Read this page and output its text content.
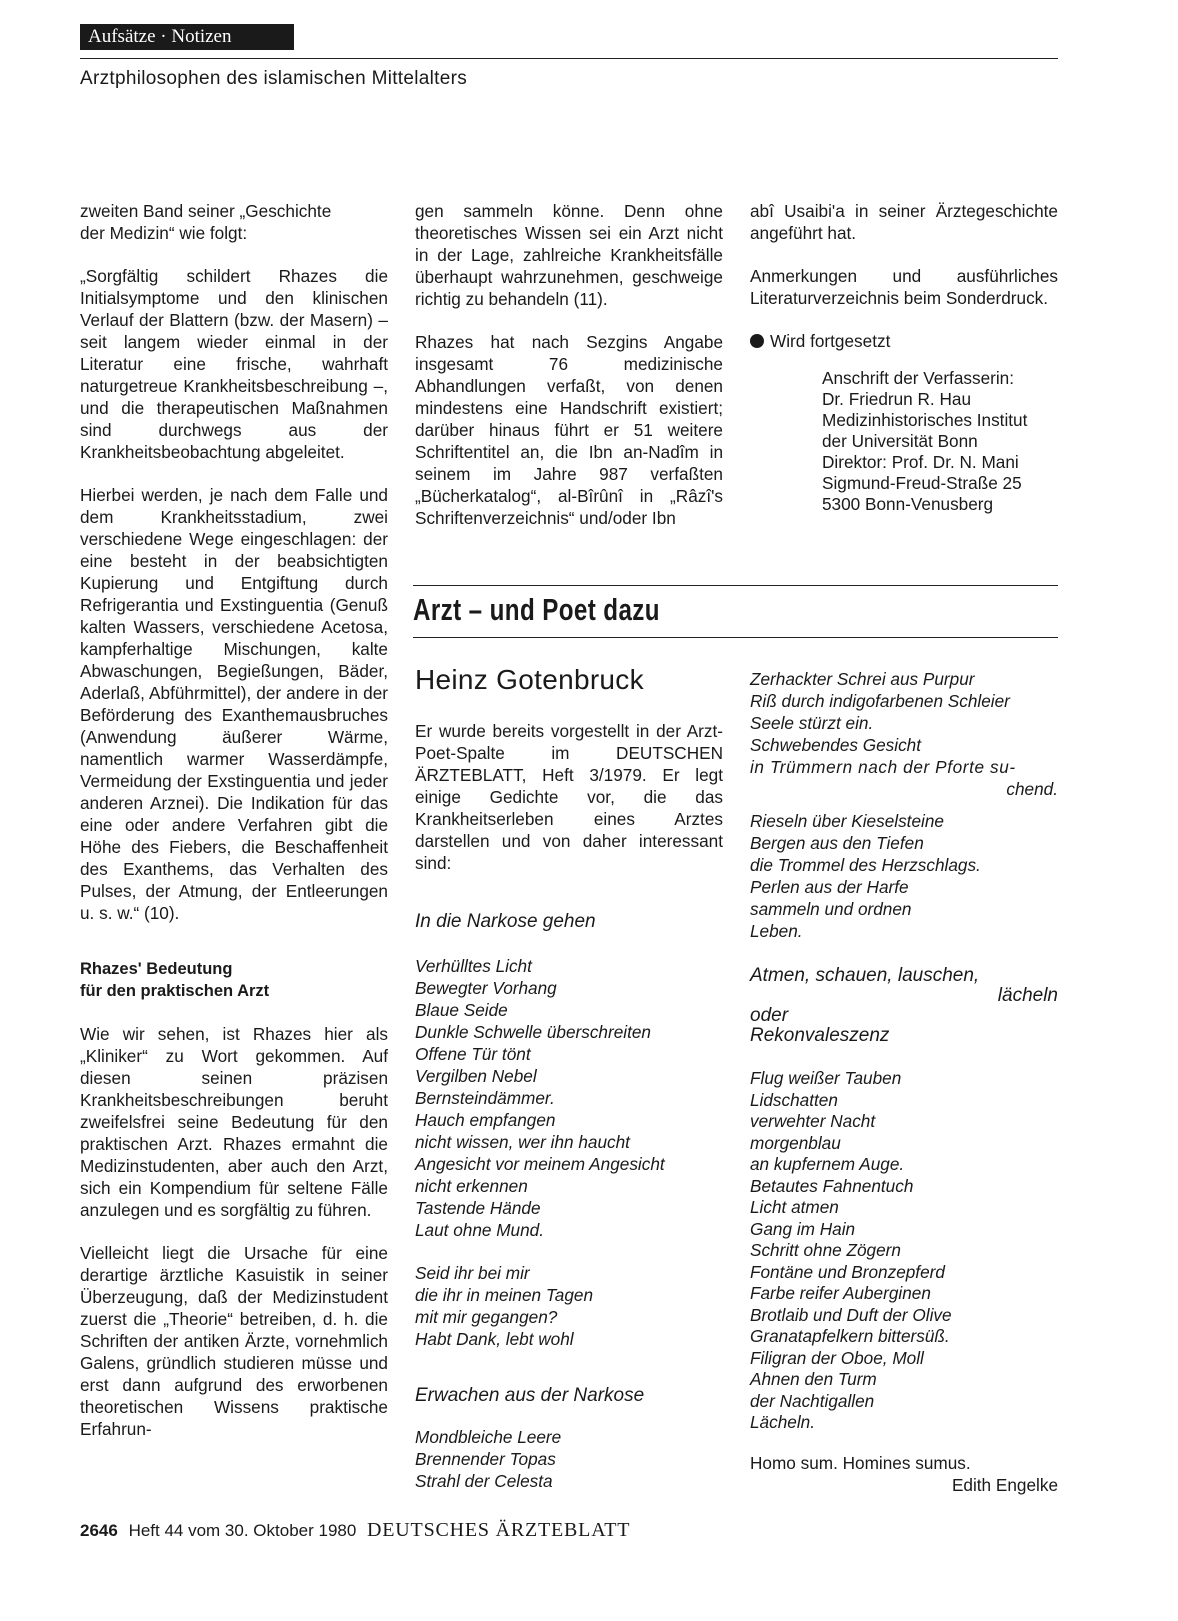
Aufsätze · Notizen
Arztphilosophen des islamischen Mittelalters

zweiten Band seiner „Geschichte
der Medizin“ wie folgt:

„Sorgfältig schildert Rhazes die Initialsymptome und den klinischen Verlauf der Blattern (bzw. der Masern) – seit langem wieder einmal in der Literatur eine frische, wahrhaft naturgetreue Krankheitsbeschreibung –, und die therapeutischen Maßnahmen sind durchwegs aus der Krankheitsbeobachtung abgeleitet.

Hierbei werden, je nach dem Falle und dem Krankheitsstadium, zwei verschiedene Wege eingeschlagen: der eine besteht in der beabsichtigten Kupierung und Entgiftung durch Refrigerantia und Exstinguentia (Genuß kalten Wassers, verschiedene Acetosa, kampferhaltige Mischungen, kalte Abwaschungen, Begießungen, Bäder, Aderlaß, Abführmittel), der andere in der Beförderung des Exanthemausbruches (Anwendung äußerer Wärme, namentlich warmer Wasserdämpfe, Vermeidung der Exstinguentia und jeder anderen Arznei). Die Indikation für das eine oder andere Verfahren gibt die Höhe des Fiebers, die Beschaffenheit des Exanthems, das Verhalten des Pulses, der Atmung, der Entleerungen u. s. w.“ (10).

Rhazes' Bedeutung
für den praktischen Arzt

Wie wir sehen, ist Rhazes hier als „Kliniker“ zu Wort gekommen. Auf diesen seinen präzisen Krankheitsbeschreibungen beruht zweifelsfrei seine Bedeutung für den praktischen Arzt. Rhazes ermahnt die Medizinstudenten, aber auch den Arzt, sich ein Kompendium für seltene Fälle anzulegen und es sorgfältig zu führen.

Vielleicht liegt die Ursache für eine derartige ärztliche Kasuistik in seiner Überzeugung, daß der Medizinstudent zuerst die „Theorie“ betreiben, d. h. die Schriften der antiken Ärzte, vornehmlich Galens, gründlich studieren müsse und erst dann aufgrund des erworbenen theoretischen Wissens praktische Erfahrun-

gen sammeln könne. Denn ohne theoretisches Wissen sei ein Arzt nicht in der Lage, zahlreiche Krankheitsfälle überhaupt wahrzunehmen, geschweige richtig zu behandeln (11).

Rhazes hat nach Sezgins Angabe insgesamt 76 medizinische Abhandlungen verfaßt, von denen mindestens eine Handschrift existiert; darüber hinaus führt er 51 weitere Schriftentitel an, die Ibn an-Nadîm in seinem im Jahre 987 verfaßten „Bücherkatalog“, al-Bîrûnî in „Râzî's Schriftenverzeichnis“ und/oder Ibn

abî Usaibi'a in seiner Ärztegeschichte angeführt hat.

Anmerkungen und ausführliches Literaturverzeichnis beim Sonderdruck.

Wird fortgesetzt
Anschrift der Verfasserin:
Dr. Friedrun R. Hau
Medizinhistorisches Institut
der Universität Bonn
Direktor: Prof. Dr. N. Mani
Sigmund-Freud-Straße 25
5300 Bonn-Venusberg
Arzt – und Poet dazu
Heinz Gotenbruck

Er wurde bereits vorgestellt in der Arzt-Poet-Spalte im DEUTSCHEN ÄRZTEBLATT, Heft 3/1979. Er legt einige Gedichte vor, die das Krankheitserleben eines Arztes darstellen und von daher interessant sind:

In die Narkose gehen
Verhülltes Licht
Bewegter Vorhang
Blaue Seide
Dunkle Schwelle überschreiten
Offene Tür tönt
Vergilben Nebel
Bernsteindämmer.
Hauch empfangen
nicht wissen, wer ihn haucht
Angesicht vor meinem Angesicht
nicht erkennen
Tastende Hände
Laut ohne Mund.
Seid ihr bei mir
die ihr in meinen Tagen
mit mir gegangen?
Habt Dank, lebt wohl
Erwachen aus der Narkose
Mondbleiche Leere
Brennender Topas
Strahl der Celesta
Zerhackter Schrei aus Purpur
Riß durch indigofarbenen Schleier
Seele stürzt ein.
Schwebendes Gesicht
in Trümmern nach der Pforte su-
chend.
Rieseln über Kieselsteine
Bergen aus den Tiefen
die Trommel des Herzschlags.
Perlen aus der Harfe
sammeln und ordnen
Leben.
Atmen, schauen, lauschen,
lächeln
oder
Rekonvaleszenz
Flug weißer Tauben
Lidschatten
verwehter Nacht
morgenblau
an kupfernem Auge.
Betautes Fahnentuch
Licht atmen
Gang im Hain
Schritt ohne Zögern
Fontäne und Bronzepferd
Farbe reifer Auberginen
Brotlaib und Duft der Olive
Granatapfelkern bittersüß.
Filigran der Oboe, Moll
Ahnen den Turm
der Nachtigallen
Lächeln.
Homo sum. Homines sumus.
Edith Engelke
2646 Heft 44 vom 30. Oktober 1980 DEUTSCHES ÄRZTEBLATT
